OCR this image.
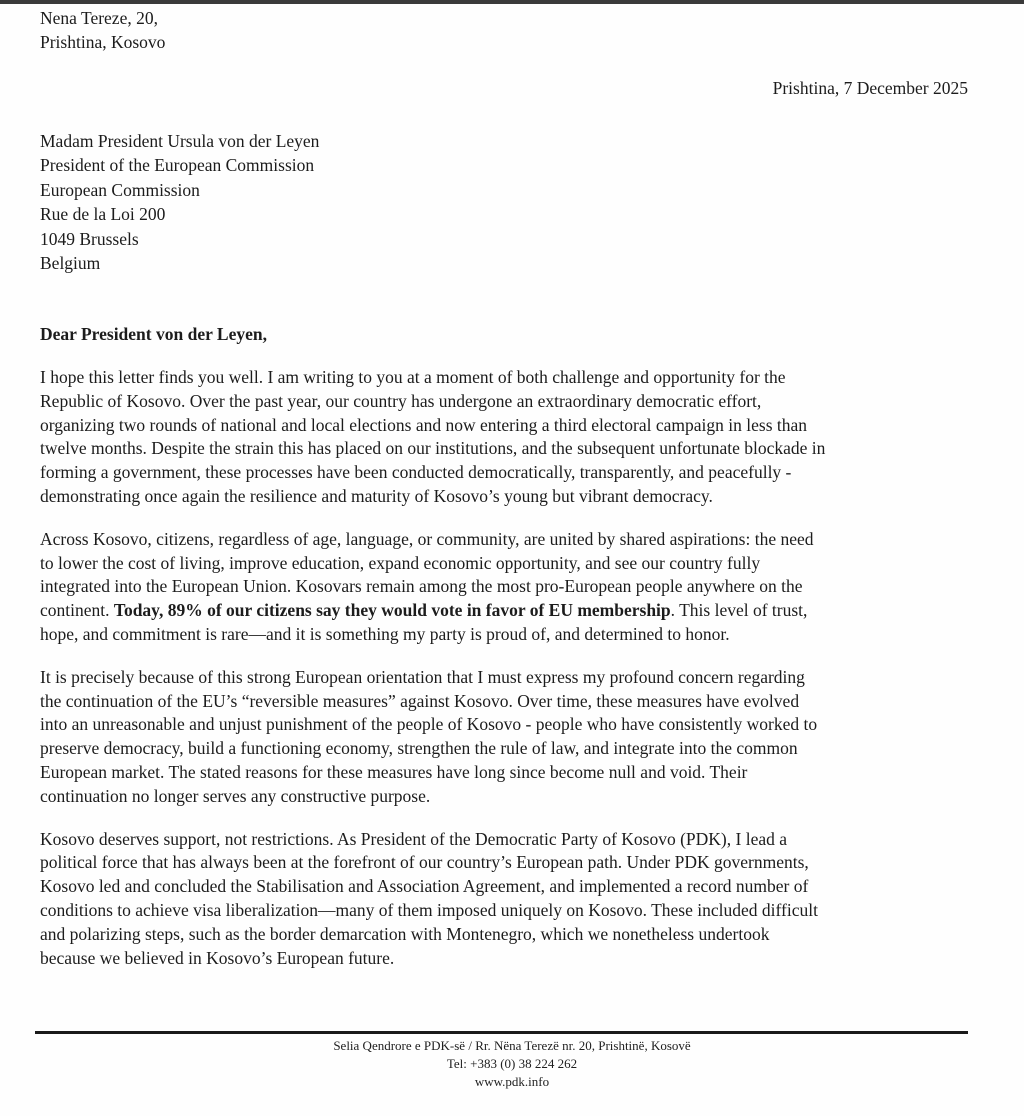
Nena Tereze, 20,
Prishtina, Kosovo
Prishtina, 7 December 2025
Madam President Ursula von der Leyen
President of the European Commission
European Commission
Rue de la Loi 200
1049 Brussels
Belgium
Dear President von der Leyen,

I hope this letter finds you well. I am writing to you at a moment of both challenge and opportunity for the
Republic of Kosovo. Over the past year, our country has undergone an extraordinary democratic effort,
organizing two rounds of national and local elections and now entering a third electoral campaign in less than
twelve months. Despite the strain this has placed on our institutions, and the subsequent unfortunate blockade in
forming a government, these processes have been conducted democratically, transparently, and peacefully -
demonstrating once again the resilience and maturity of Kosovo’s young but vibrant democracy.

Across Kosovo, citizens, regardless of age, language, or community, are united by shared aspirations: the need
to lower the cost of living, improve education, expand economic opportunity, and see our country fully
integrated into the European Union. Kosovars remain among the most pro-European people anywhere on the
continent. Today, 89% of our citizens say they would vote in favor of EU membership. This level of trust,
hope, and commitment is rare—and it is something my party is proud of, and determined to honor.

It is precisely because of this strong European orientation that I must express my profound concern regarding
the continuation of the EU’s “reversible measures” against Kosovo. Over time, these measures have evolved
into an unreasonable and unjust punishment of the people of Kosovo - people who have consistently worked to
preserve democracy, build a functioning economy, strengthen the rule of law, and integrate into the common
European market. The stated reasons for these measures have long since become null and void. Their
continuation no longer serves any constructive purpose.

Kosovo deserves support, not restrictions. As President of the Democratic Party of Kosovo (PDK), I lead a
political force that has always been at the forefront of our country’s European path. Under PDK governments,
Kosovo led and concluded the Stabilisation and Association Agreement, and implemented a record number of
conditions to achieve visa liberalization—many of them imposed uniquely on Kosovo. These included difficult
and polarizing steps, such as the border demarcation with Montenegro, which we nonetheless undertook
because we believed in Kosovo’s European future.

Selia Qendrore e PDK-së / Rr. Nëna Terezë nr. 20, Prishtinë, Kosovë
Tel: +383 (0) 38 224 262
www.pdk.info
